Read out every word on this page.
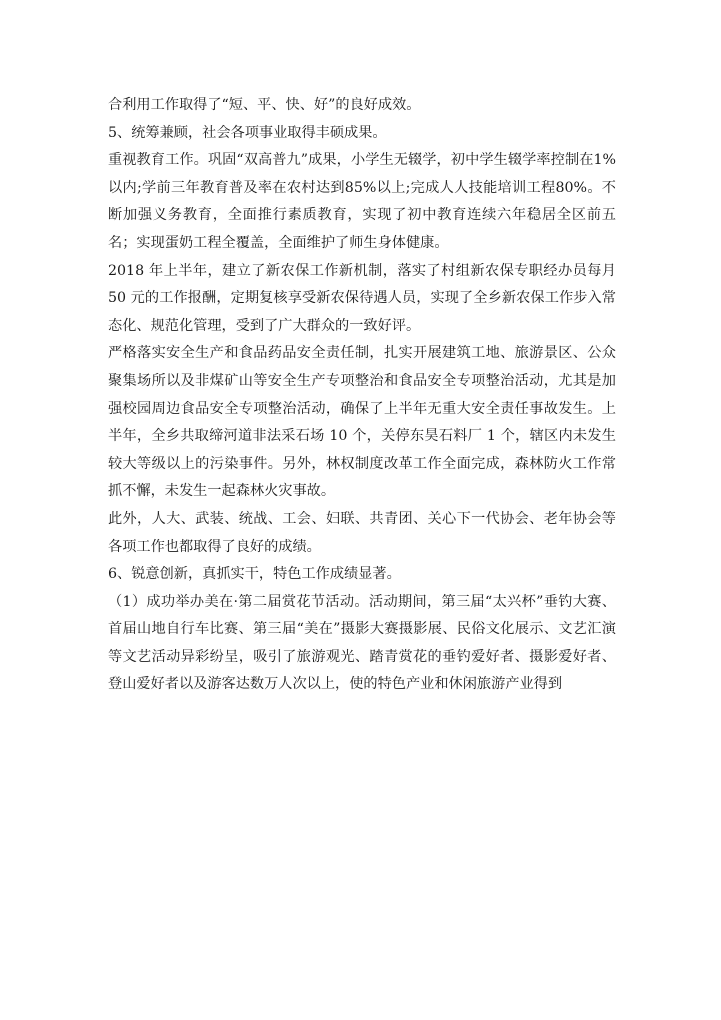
合利用工作取得了“短、平、快、好”的良好成效。

5、统筹兼顾，社会各项事业取得丰硕成果。

重视教育工作。巩固“双高普九”成果，小学生无辍学，初中学生辍学率控制在1%以内;学前三年教育普及率在农村达到85%以上;完成人人技能培训工程80%。不断加强义务教育，全面推行素质教育，实现了初中教育连续六年稳居全区前五名；实现蛋奶工程全覆盖，全面维护了师生身体健康。

2018 年上半年，建立了新农保工作新机制，落实了村组新农保专职经办员每月 50 元的工作报酬，定期复核享受新农保待遇人员，实现了全乡新农保工作步入常态化、规范化管理，受到了广大群众的一致好评。

严格落实安全生产和食品药品安全责任制，扎实开展建筑工地、旅游景区、公众聚集场所以及非煤矿山等安全生产专项整治和食品安全专项整治活动，尤其是加强校园周边食品安全专项整治活动，确保了上半年无重大安全责任事故发生。上半年，全乡共取缔河道非法采石场 10 个，关停东昊石料厂 1 个，辖区内未发生较大等级以上的污染事件。另外，林权制度改革工作全面完成，森林防火工作常抓不懈，未发生一起森林火灾事故。

此外，人大、武装、统战、工会、妇联、共青团、关心下一代协会、老年协会等各项工作也都取得了良好的成绩。

6、锐意创新，真抓实干，特色工作成绩显著。

（1）成功举办美在·第二届赏花节活动。活动期间，第三届“太兴杯”垂钓大赛、首届山地自行车比赛、第三届“美在”摄影大赛摄影展、民俗文化展示、文艺汇演等文艺活动异彩纷呈，吸引了旅游观光、踏青赏花的垂钓爱好者、摄影爱好者、登山爱好者以及游客达数万人次以上，使的特色产业和休闲旅游产业得到
